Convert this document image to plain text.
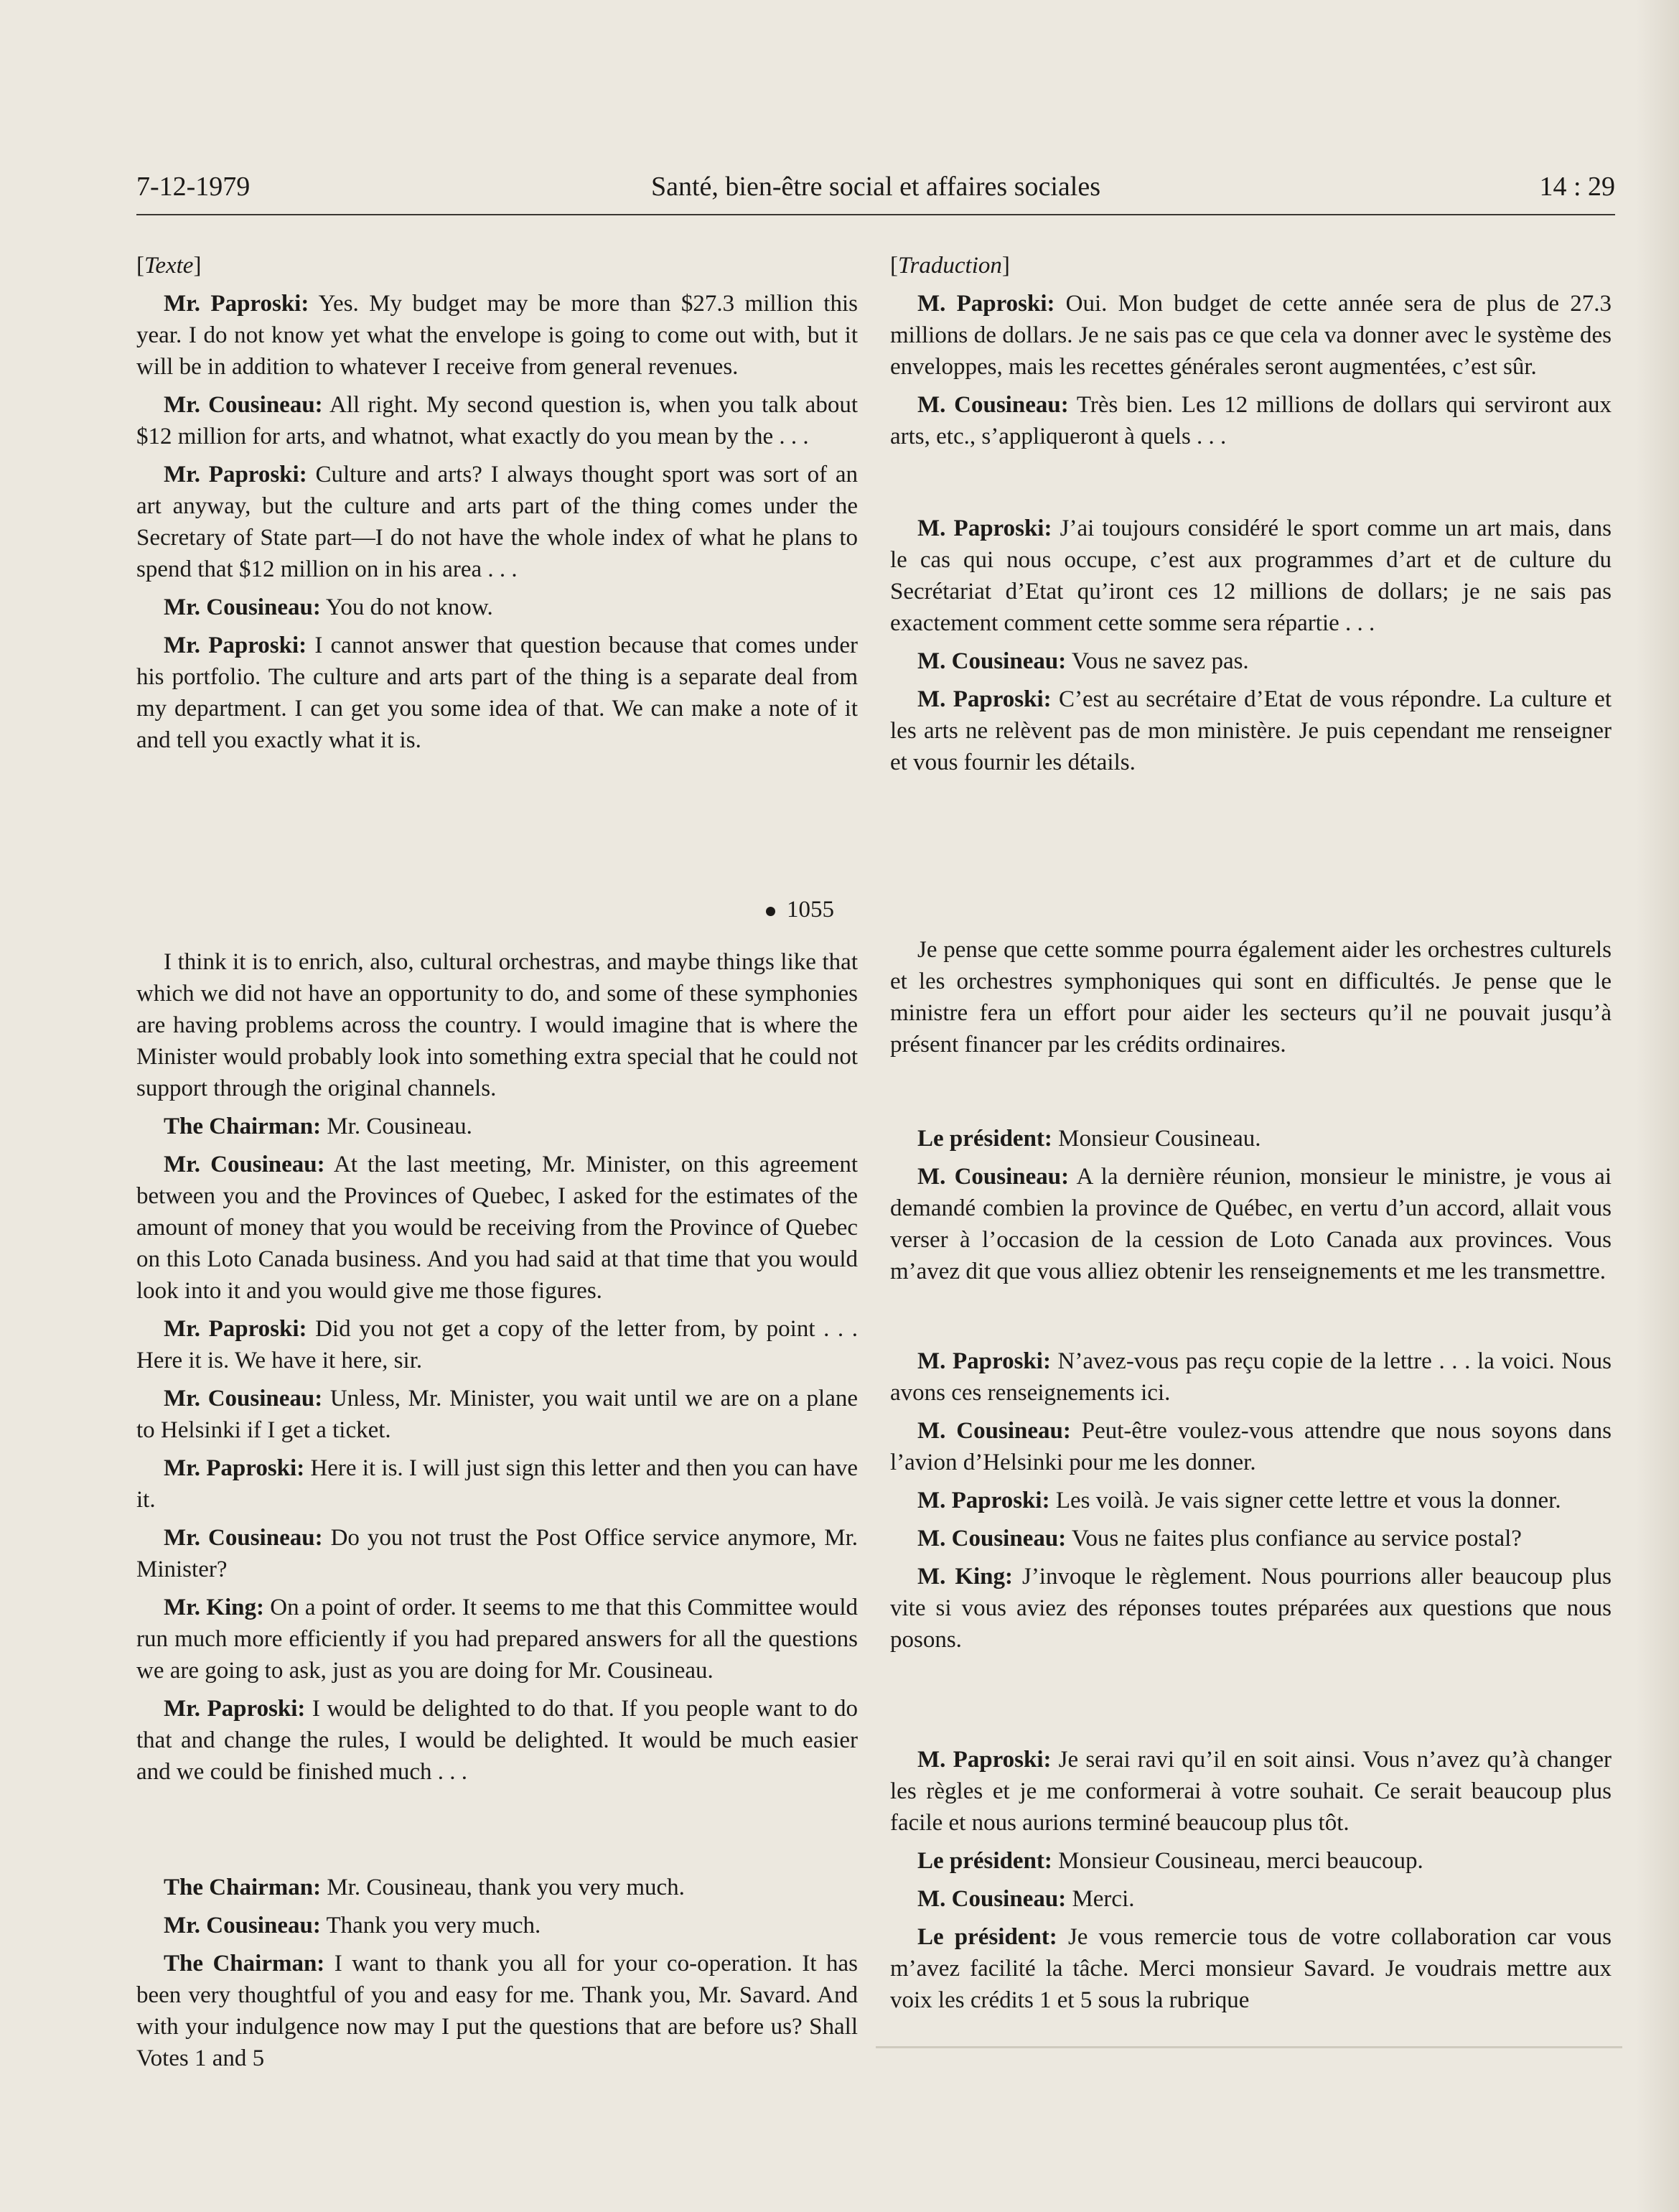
7-12-1979	Santé, bien-être social et affaires sociales	14 : 29

[Texte]

Mr. Paproski: Yes. My budget may be more than $27.3 million this year. I do not know yet what the envelope is going to come out with, but it will be in addition to whatever I receive from general revenues.

Mr. Cousineau: All right. My second question is, when you talk about $12 million for arts, and whatnot, what exactly do you mean by the . . .

Mr. Paproski: Culture and arts? I always thought sport was sort of an art anyway, but the culture and arts part of the thing comes under the Secretary of State part—I do not have the whole index of what he plans to spend that $12 million on in his area . . .

Mr. Cousineau: You do not know.

Mr. Paproski: I cannot answer that question because that comes under his portfolio. The culture and arts part of the thing is a separate deal from my department. I can get you some idea of that. We can make a note of it and tell you exactly what it is.

1055

I think it is to enrich, also, cultural orchestras, and maybe things like that which we did not have an opportunity to do, and some of these symphonies are having problems across the country. I would imagine that is where the Minister would probably look into something extra special that he could not support through the original channels.

The Chairman: Mr. Cousineau.

Mr. Cousineau: At the last meeting, Mr. Minister, on this agreement between you and the Provinces of Quebec, I asked for the estimates of the amount of money that you would be receiving from the Province of Quebec on this Loto Canada business. And you had said at that time that you would look into it and you would give me those figures.

Mr. Paproski: Did you not get a copy of the letter from, by point . . . Here it is. We have it here, sir.

Mr. Cousineau: Unless, Mr. Minister, you wait until we are on a plane to Helsinki if I get a ticket.

Mr. Paproski: Here it is. I will just sign this letter and then you can have it.

Mr. Cousineau: Do you not trust the Post Office service anymore, Mr. Minister?

Mr. King: On a point of order. It seems to me that this Committee would run much more efficiently if you had prepared answers for all the questions we are going to ask, just as you are doing for Mr. Cousineau.

Mr. Paproski: I would be delighted to do that. If you people want to do that and change the rules, I would be delighted. It would be much easier and we could be finished much . . .

The Chairman: Mr. Cousineau, thank you very much.

Mr. Cousineau: Thank you very much.

The Chairman: I want to thank you all for your co-operation. It has been very thoughtful of you and easy for me. Thank you, Mr. Savard. And with your indulgence now may I put the questions that are before us? Shall Votes 1 and 5

[Traduction]

M. Paproski: Oui. Mon budget de cette année sera de plus de 27.3 millions de dollars. Je ne sais pas ce que cela va donner avec le système des enveloppes, mais les recettes générales seront augmentées, c’est sûr.

M. Cousineau: Très bien. Les 12 millions de dollars qui serviront aux arts, etc., s’appliqueront à quels . . .

M. Paproski: J’ai toujours considéré le sport comme un art mais, dans le cas qui nous occupe, c’est aux programmes d’art et de culture du Secrétariat d’Etat qu’iront ces 12 millions de dollars; je ne sais pas exactement comment cette somme sera répartie . . .

M. Cousineau: Vous ne savez pas.

M. Paproski: C’est au secrétaire d’Etat de vous répondre. La culture et les arts ne relèvent pas de mon ministère. Je puis cependant me renseigner et vous fournir les détails.

Je pense que cette somme pourra également aider les orchestres culturels et les orchestres symphoniques qui sont en difficultés. Je pense que le ministre fera un effort pour aider les secteurs qu’il ne pouvait jusqu’à présent financer par les crédits ordinaires.

Le président: Monsieur Cousineau.

M. Cousineau: A la dernière réunion, monsieur le ministre, je vous ai demandé combien la province de Québec, en vertu d’un accord, allait vous verser à l’occasion de la cession de Loto Canada aux provinces. Vous m’avez dit que vous alliez obtenir les renseignements et me les transmettre.

M. Paproski: N’avez-vous pas reçu copie de la lettre . . . la voici. Nous avons ces renseignements ici.

M. Cousineau: Peut-être voulez-vous attendre que nous soyons dans l’avion d’Helsinki pour me les donner.

M. Paproski: Les voilà. Je vais signer cette lettre et vous la donner.

M. Cousineau: Vous ne faites plus confiance au service postal?

M. King: J’invoque le règlement. Nous pourrions aller beaucoup plus vite si vous aviez des réponses toutes préparées aux questions que nous posons.

M. Paproski: Je serai ravi qu’il en soit ainsi. Vous n’avez qu’à changer les règles et je me conformerai à votre souhait. Ce serait beaucoup plus facile et nous aurions terminé beaucoup plus tôt.

Le président: Monsieur Cousineau, merci beaucoup.

M. Cousineau: Merci.

Le président: Je vous remercie tous de votre collaboration car vous m’avez facilité la tâche. Merci monsieur Savard. Je voudrais mettre aux voix les crédits 1 et 5 sous la rubrique
